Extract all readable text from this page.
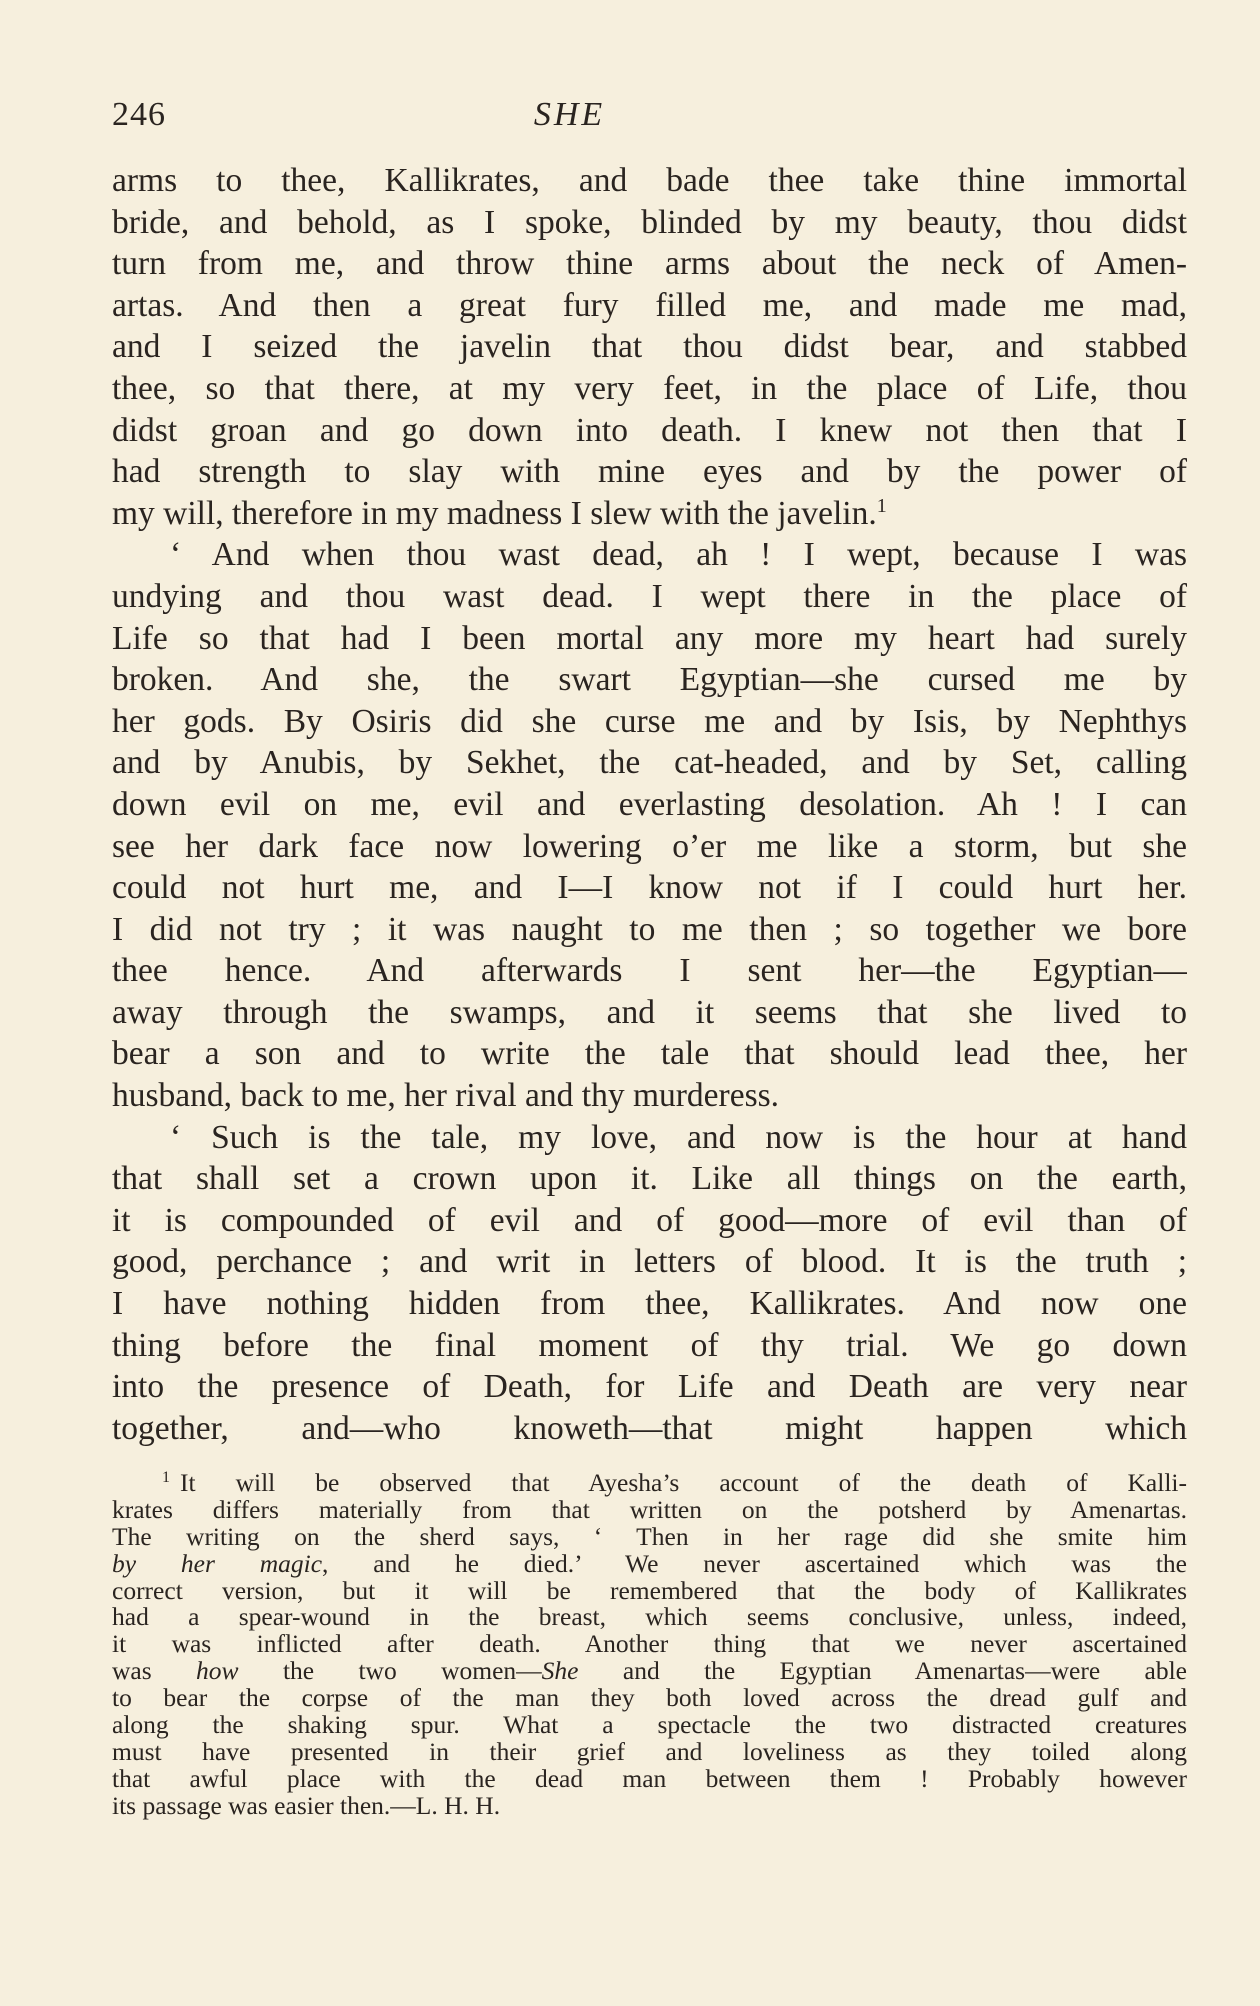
246	SHE
arms to thee, Kallikrates, and bade thee take thine immortal
bride, and behold, as I spoke, blinded by my beauty, thou didst
turn from me, and throw thine arms about the neck of Amen-
artas. And then a great fury filled me, and made me mad,
and I seized the javelin that thou didst bear, and stabbed
thee, so that there, at my very feet, in the place of Life, thou
didst groan and go down into death. I knew not then that I
had strength to slay with mine eyes and by the power of
my will, therefore in my madness I slew with the javelin.$^1$
‘ And when thou wast dead, ah ! I wept, because I was
undying and thou wast dead. I wept there in the place of
Life so that had I been mortal any more my heart had surely
broken. And she, the swart Egyptian—she cursed me by
her gods. By Osiris did she curse me and by Isis, by Nephthys
and by Anubis, by Sekhet, the cat-headed, and by Set, calling
down evil on me, evil and everlasting desolation. Ah ! I can
see her dark face now lowering o’er me like a storm, but she
could not hurt me, and I—I know not if I could hurt her.
I did not try ; it was naught to me then ; so together we bore
thee hence. And afterwards I sent her—the Egyptian—
away through the swamps, and it seems that she lived to
bear a son and to write the tale that should lead thee, her
husband, back to me, her rival and thy murderess.
‘ Such is the tale, my love, and now is the hour at hand
that shall set a crown upon it. Like all things on the earth,
it is compounded of evil and of good—more of evil than of
good, perchance ; and writ in letters of blood. It is the truth ;
I have nothing hidden from thee, Kallikrates. And now one
thing before the final moment of thy trial. We go down
into the presence of Death, for Life and Death are very near
together, and—who knoweth—that might happen which
$^1$ It will be observed that Ayesha’s account of the death of Kalli-
krates differs materially from that written on the potsherd by Amenartas.
The writing on the sherd says, ‘ Then in her rage did she smite him
by her magic, and he died.’ We never ascertained which was the
correct version, but it will be remembered that the body of Kallikrates
had a spear-wound in the breast, which seems conclusive, unless, indeed,
it was inflicted after death. Another thing that we never ascertained
was how the two women—She and the Egyptian Amenartas—were able
to bear the corpse of the man they both loved across the dread gulf and
along the shaking spur. What a spectacle the two distracted creatures
must have presented in their grief and loveliness as they toiled along
that awful place with the dead man between them ! Probably however
its passage was easier then.—L. H. H.
